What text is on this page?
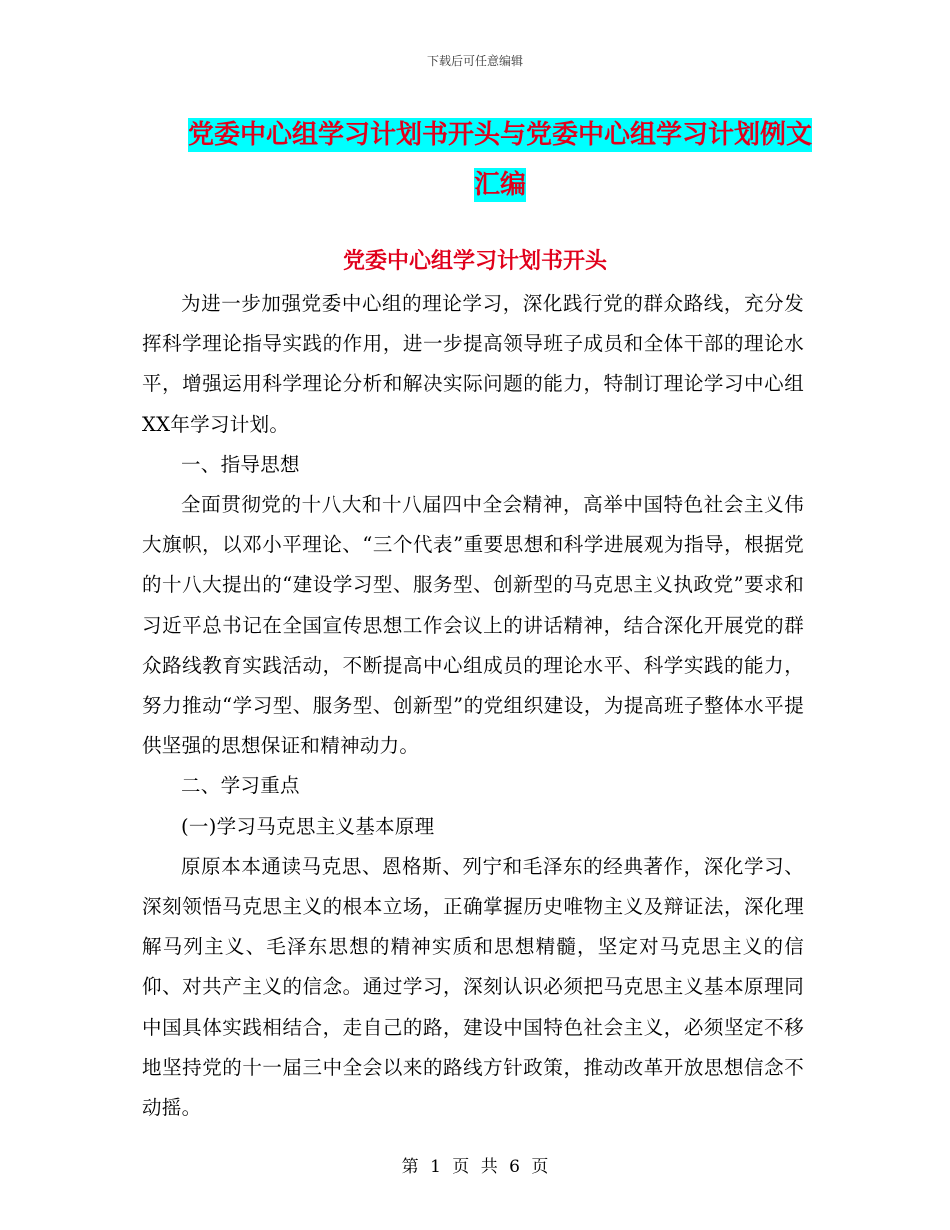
下载后可任意编辑
党委中心组学习计划书开头与党委中心组学习计划例文汇编
党委中心组学习计划书开头

为进一步加强党委中心组的理论学习，深化践行党的群众路线，充分发挥科学理论指导实践的作用，进一步提高领导班子成员和全体干部的理论水平，增强运用科学理论分析和解决实际问题的能力，特制订理论学习中心组XX年学习计划。

一、指导思想

全面贯彻党的十八大和十八届四中全会精神，高举中国特色社会主义伟大旗帜，以邓小平理论、“三个代表”重要思想和科学进展观为指导，根据党的十八大提出的“建设学习型、服务型、创新型的马克思主义执政党”要求和习近平总书记在全国宣传思想工作会议上的讲话精神，结合深化开展党的群众路线教育实践活动，不断提高中心组成员的理论水平、科学实践的能力，努力推动“学习型、服务型、创新型”的党组织建设，为提高班子整体水平提供坚强的思想保证和精神动力。

二、学习重点

(一)学习马克思主义基本原理

原原本本通读马克思、恩格斯、列宁和毛泽东的经典著作，深化学习、深刻领悟马克思主义的根本立场，正确掌握历史唯物主义及辩证法，深化理解马列主义、毛泽东思想的精神实质和思想精髓，坚定对马克思主义的信仰、对共产主义的信念。通过学习，深刻认识必须把马克思主义基本原理同中国具体实践相结合，走自己的路，建设中国特色社会主义，必须坚定不移地坚持党的十一届三中全会以来的路线方针政策，推动改革开放思想信念不动摇。

第 1 页 共 6 页
